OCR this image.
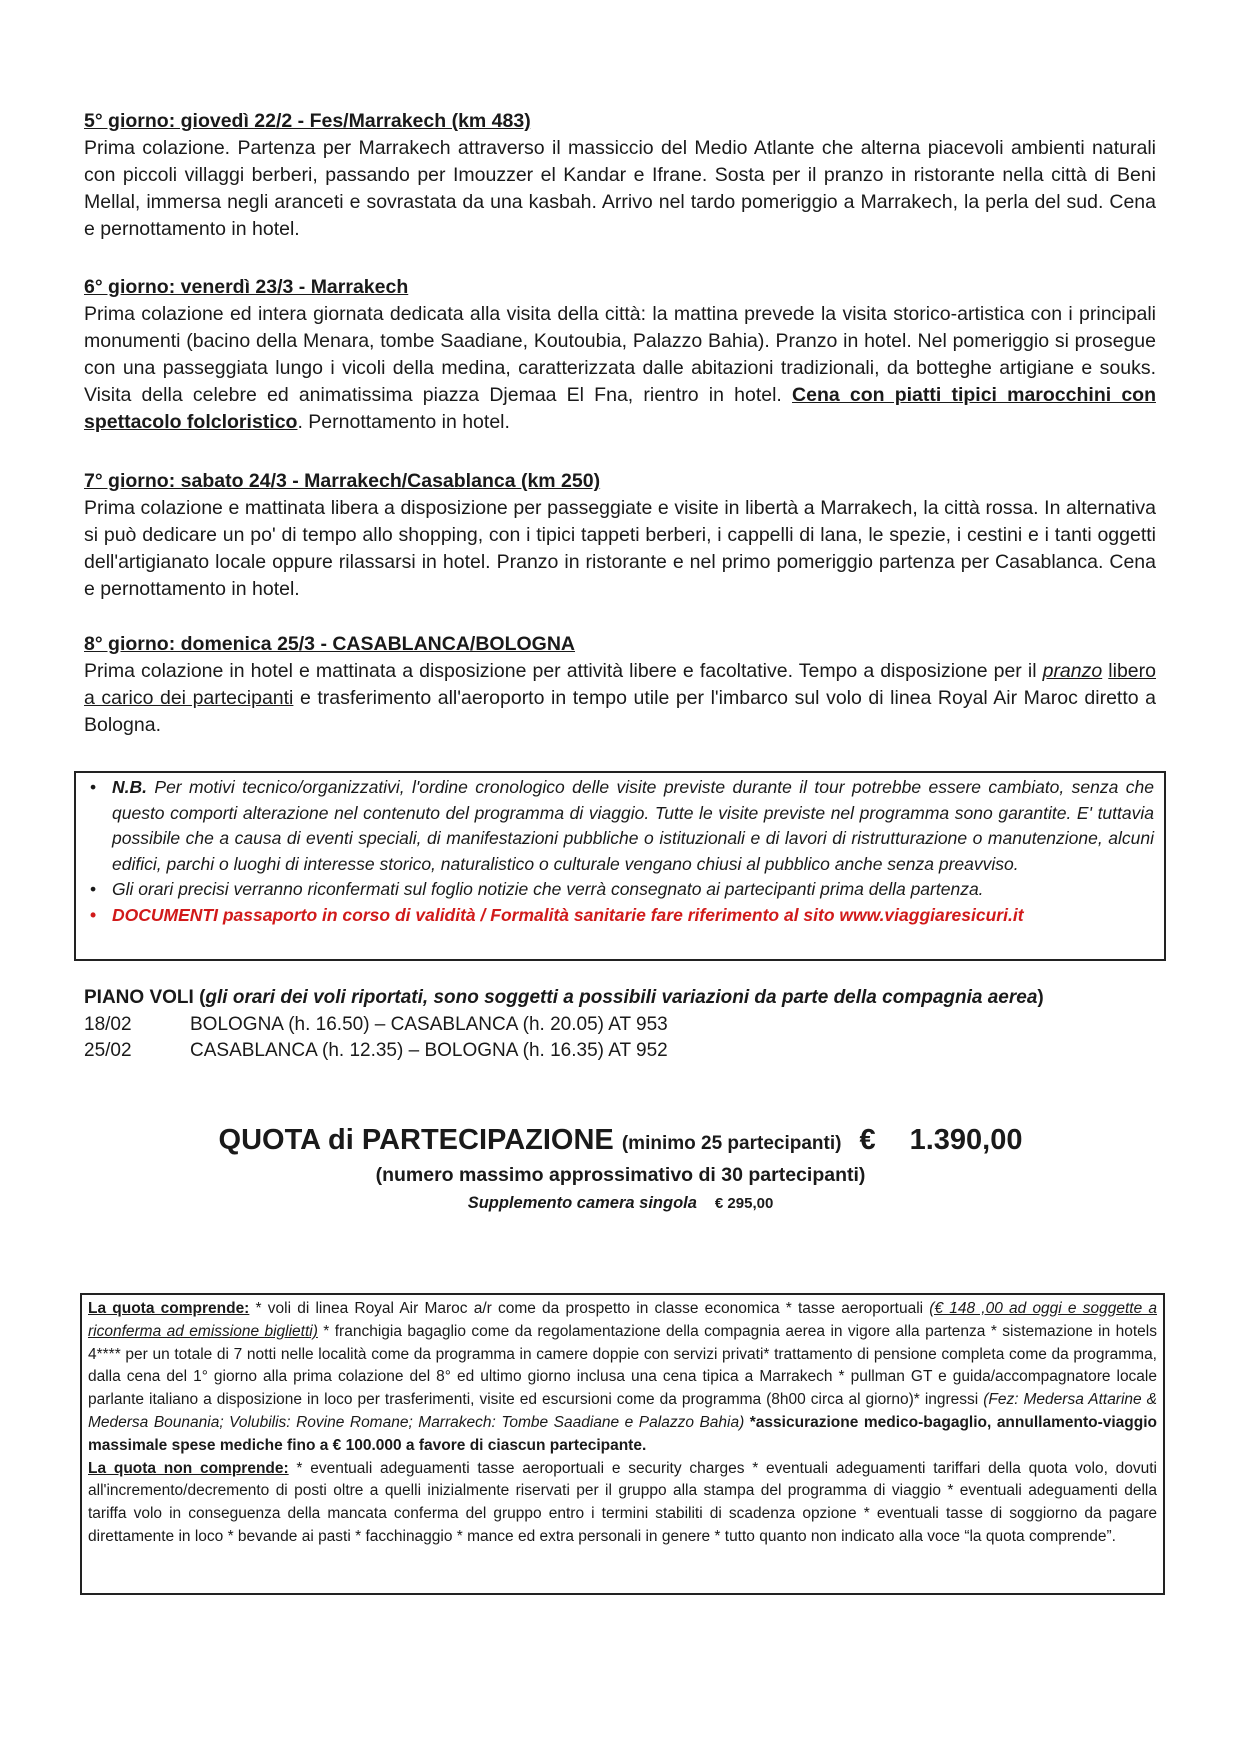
5° giorno: giovedì 22/2 - Fes/Marrakech (km 483)
Prima colazione. Partenza per Marrakech attraverso il massiccio del Medio Atlante che alterna piacevoli ambienti naturali con piccoli villaggi berberi, passando per Imouzzer el Kandar e Ifrane. Sosta per il pranzo in ristorante nella città di Beni Mellal, immersa negli aranceti e sovrastata da una kasbah. Arrivo nel tardo pomeriggio a Marrakech, la perla del sud. Cena e pernottamento in hotel.
6° giorno: venerdì 23/3 - Marrakech
Prima colazione ed intera giornata dedicata alla visita della città: la mattina prevede la visita storico-artistica con i principali monumenti (bacino della Menara, tombe Saadiane, Koutoubia, Palazzo Bahia). Pranzo in hotel. Nel pomeriggio si prosegue con una passeggiata lungo i vicoli della medina, caratterizzata dalle abitazioni tradizionali, da botteghe artigiane e souks. Visita della celebre ed animatissima piazza Djemaa El Fna, rientro in hotel. Cena con piatti tipici marocchini con spettacolo folcloristico. Pernottamento in hotel.
7° giorno: sabato 24/3 - Marrakech/Casablanca (km 250)
Prima colazione e mattinata libera a disposizione per passeggiate e visite in libertà a Marrakech, la città rossa. In alternativa si può dedicare un po' di tempo allo shopping, con i tipici tappeti berberi, i cappelli di lana, le spezie, i cestini e i tanti oggetti dell'artigianato locale oppure rilassarsi in hotel. Pranzo in ristorante e nel primo pomeriggio partenza per Casablanca. Cena e pernottamento in hotel.
8° giorno: domenica 25/3 - CASABLANCA/BOLOGNA
Prima colazione in hotel e mattinata a disposizione per attività libere e facoltative. Tempo a disposizione per il pranzo libero a carico dei partecipanti e trasferimento all'aeroporto in tempo utile per l'imbarco sul volo di linea Royal Air Maroc diretto a Bologna.
• N.B. Per motivi tecnico/organizzativi, l'ordine cronologico delle visite previste durante il tour potrebbe essere cambiato, senza che questo comporti alterazione nel contenuto del programma di viaggio. Tutte le visite previste nel programma sono garantite. E' tuttavia possibile che a causa di eventi speciali, di manifestazioni pubbliche o istituzionali e di lavori di ristrutturazione o manutenzione, alcuni edifici, parchi o luoghi di interesse storico, naturalistico o culturale vengano chiusi al pubblico anche senza preavviso.
• Gli orari precisi verranno riconfermati sul foglio notizie che verrà consegnato ai partecipanti prima della partenza.
• DOCUMENTI passaporto in corso di validità / Formalità sanitarie fare riferimento al sito www.viaggiaresicuri.it
PIANO VOLI (gli orari dei voli riportati, sono soggetti a possibili variazioni da parte della compagnia aerea)
18/02	BOLOGNA (h. 16.50) – CASABLANCA (h. 20.05) AT 953
25/02	CASABLANCA (h. 12.35) – BOLOGNA (h. 16.35) AT 952
QUOTA di PARTECIPAZIONE (minimo 25 partecipanti) € 1.390,00
(numero massimo approssimativo di 30 partecipanti)
Supplemento camera singola € 295,00
La quota comprende: * voli di linea Royal Air Maroc a/r come da prospetto in classe economica * tasse aeroportuali (€ 148 ,00 ad oggi e soggette a riconferma ad emissione biglietti) * franchigia bagaglio come da regolamentazione della compagnia aerea in vigore alla partenza * sistemazione in hotels 4**** per un totale di 7 notti nelle località come da programma in camere doppie con servizi privati* trattamento di pensione completa come da programma, dalla cena del 1° giorno alla prima colazione del 8° ed ultimo giorno inclusa una cena tipica a Marrakech * pullman GT e guida/accompagnatore locale parlante italiano a disposizione in loco per trasferimenti, visite ed escursioni come da programma (8h00 circa al giorno)* ingressi (Fez: Medersa Attarine & Medersa Bounania; Volubilis: Rovine Romane; Marrakech: Tombe Saadiane e Palazzo Bahia) *assicurazione medico-bagaglio, annullamento-viaggio massimale spese mediche fino a € 100.000 a favore di ciascun partecipante.
La quota non comprende: * eventuali adeguamenti tasse aeroportuali e security charges * eventuali adeguamenti tariffari della quota volo, dovuti all'incremento/decremento di posti oltre a quelli inizialmente riservati per il gruppo alla stampa del programma di viaggio * eventuali adeguamenti della tariffa volo in conseguenza della mancata conferma del gruppo entro i termini stabiliti di scadenza opzione * eventuali tasse di soggiorno da pagare direttamente in loco * bevande ai pasti * facchinaggio * mance ed extra personali in genere * tutto quanto non indicato alla voce “la quota comprende”.
